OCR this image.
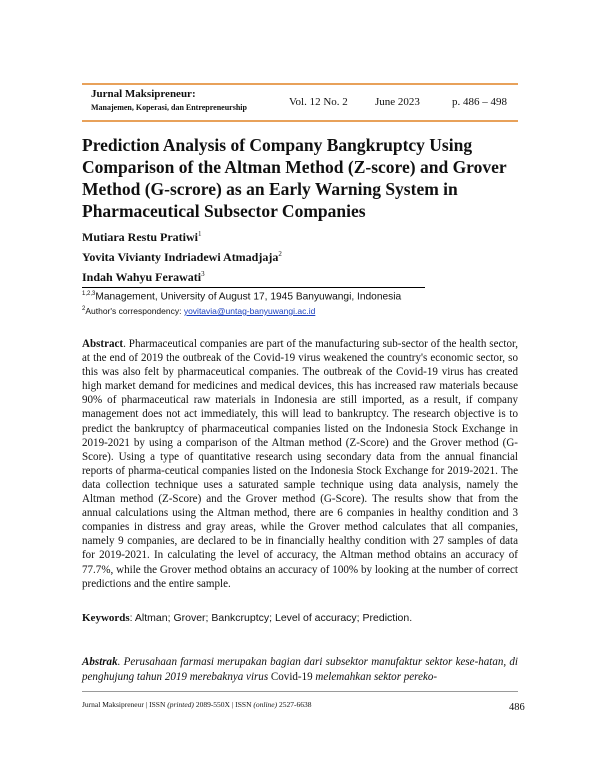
Jurnal Maksipreneur:
Manajemen, Koperasi, dan Entrepreneurship	Vol. 12 No. 2 June 2023	p. 486 – 498
Prediction Analysis of Company Bangkruptcy Using
Comparison of the Altman Method (Z-score) and Grover
Method (G-scrore) as an Early Warning System in
Pharmaceutical Subsector Companies
Mutiara Restu Pratiwi$^1$
Yovita Vivianty Indriadewi Atmadjaja$^2$
Indah Wahyu Ferawati$^3$
$^{1,2,3}$Management, University of August 17, 1945 Banyuwangi, Indonesia
$^2$Author's correspondency: yovitavia@untag-banyuwangi.ac.id
Abstract. Pharmaceutical companies are part of the manufacturing sub-sector of the health sector, at the end of 2019 the outbreak of the Covid-19 virus weakened the country's economic sector, so this was also felt by pharmaceutical companies. The outbreak of the Covid-19 virus has created high market demand for medicines and medical devices, this has increased raw materials because 90% of pharmaceutical raw materials in Indonesia are still imported, as a result, if company management does not act immediately, this will lead to bankruptcy. The research objective is to predict the bankruptcy of pharmaceutical companies listed on the Indonesia Stock Exchange in 2019-2021 by using a comparison of the Altman method (Z-Score) and the Grover method (G-Score). Using a type of quantitative research using secondary data from the annual financial reports of pharma-ceutical companies listed on the Indonesia Stock Exchange for 2019-2021. The data collection technique uses a saturated sample technique using data analysis, namely the Altman method (Z-Score) and the Grover method (G-Score). The results show that from the annual calculations using the Altman method, there are 6 companies in healthy condition and 3 companies in distress and gray areas, while the Grover method calculates that all companies, namely 9 companies, are declared to be in financially healthy condition with 27 samples of data for 2019-2021. In calculating the level of accuracy, the Altman method obtains an accuracy of 77.7%, while the Grover method obtains an accuracy of 100% by looking at the number of correct predictions and the entire sample.
Keywords: Altman; Grover; Bankcruptcy; Level of accuracy; Prediction.
Abstrak. Perusahaan farmasi merupakan bagian dari subsektor manufaktur sektor kese-hatan, di penghujung tahun 2019 merebaknya virus Covid-19 melemahkan sektor pereko-
Jurnal Maksipreneur | ISSN (printed) 2089-550X | ISSN (online) 2527-6638	486
